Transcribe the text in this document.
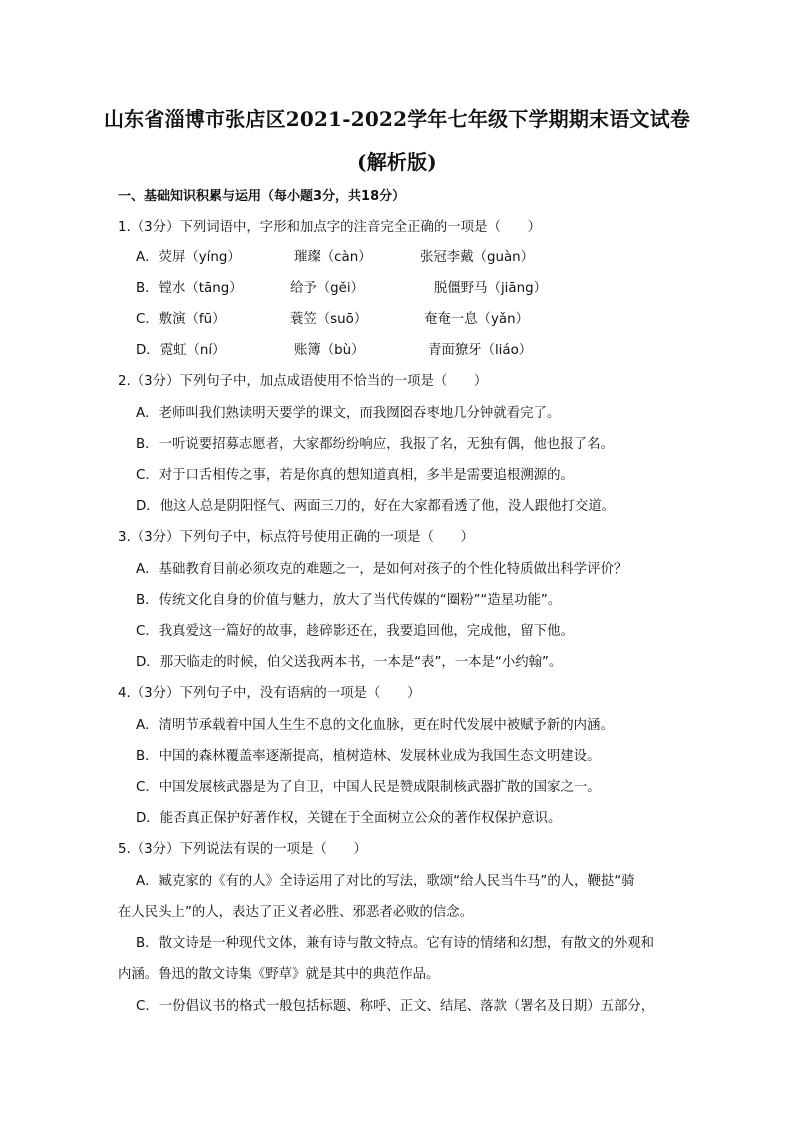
山东省淄博市张店区2021-2022学年七年级下学期期末语文试卷
(解析版)
一、基础知识积累与运用（每小题3分，共18分）
1.（3分）下列词语中，字形和加点字的注音完全正确的一项是（　　）
A．荧屏（yíng）	璀璨（càn）	张冠李戴（guàn）
B．镗水（tāng）	给予（gěi）	脱僵野马（jiāng）
C．敷演（fū）	蓑笠（suō）	奄奄一息（yǎn）
D．霓虹（ní）	账簿（bù）	青面獠牙（liáo）
2.（3分）下列句子中，加点成语使用不恰当的一项是（　　）
A．老师叫我们熟读明天要学的课文，而我囫囵吞枣地几分钟就看完了。
B．一听说要招募志愿者，大家都纷纷响应，我报了名，无独有偶，他也报了名。
C．对于口舌相传之事，若是你真的想知道真相，多半是需要追根溯源的。
D．他这人总是阴阳怪气、两面三刀的，好在大家都看透了他，没人跟他打交道。
3.（3分）下列句子中，标点符号使用正确的一项是（　　）
A．基础教育目前必须攻克的难题之一，是如何对孩子的个性化特质做出科学评价？
B．传统文化自身的价值与魅力，放大了当代传媒的“圈粉”“造星功能”。
C．我真爱这一篇好的故事，趁碎影还在，我要追回他，完成他，留下他。
D．那天临走的时候，伯父送我两本书，一本是“表”，一本是“小约翰”。
4.（3分）下列句子中，没有语病的一项是（　　）
A．清明节承载着中国人生生不息的文化血脉，更在时代发展中被赋予新的内涵。
B．中国的森林覆盖率逐渐提高，植树造林、发展林业成为我国生态文明建设。
C．中国发展核武器是为了自卫，中国人民是赞成限制核武器扩散的国家之一。
D．能否真正保护好著作权，关键在于全面树立公众的著作权保护意识。
5.（3分）下列说法有误的一项是（　　）
A．臧克家的《有的人》全诗运用了对比的写法，歌颂“给人民当牛马”的人，鞭挞“骑
在人民头上”的人，表达了正义者必胜、邪恶者必败的信念。
B．散文诗是一种现代文体，兼有诗与散文特点。它有诗的情绪和幻想，有散文的外观和
内涵。鲁迅的散文诗集《野草》就是其中的典范作品。
C．一份倡议书的格式一般包括标题、称呼、正文、结尾、落款（署名及日期）五部分，
